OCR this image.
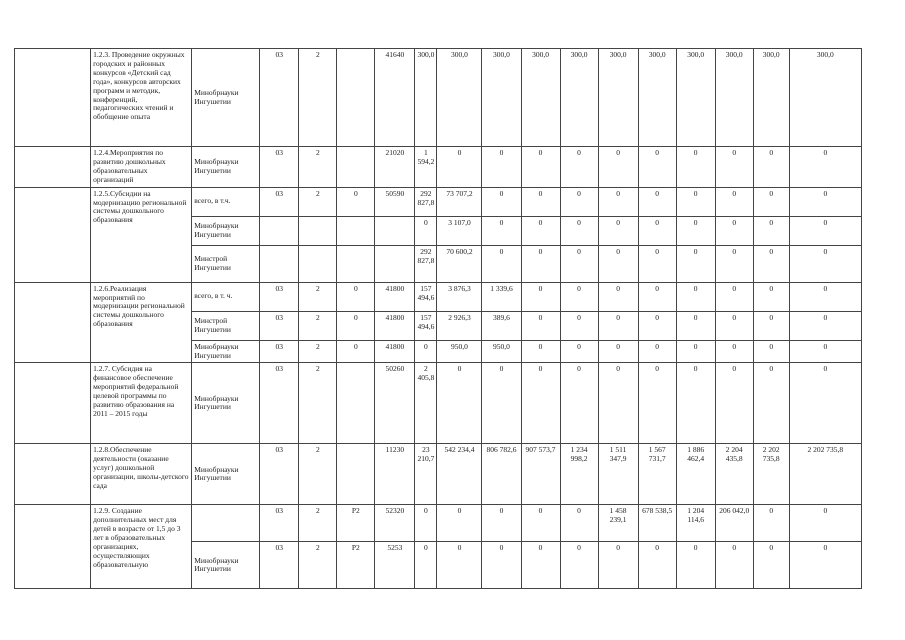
	1.2.3. Проведение окружных городских и районных конкурсов «Детский сад года», конкурсов авторских программ и методик, конференций, педагогических чтений и обобщение опыта	Минобрнауки Ингушетии	03	2		41640	300,0	300,0	300,0	300,0	300,0	300,0	300,0	300,0	300,0	300,0	300,0	
	1.2.4.Мероприятия по развитию дошкольных образовательных организаций	Минобрнауки Ингушетии	03	2		21020	1 594,2	0	0	0	0	0	0	0	0	0	0	
	1.2.5.Субсидии на модернизацию региональной системы дошкольного образования	всего, в т.ч.	03	2	0	50590	292 827,8	73 707,2	0	0	0	0	0	0	0	0	0	
		Минобрнауки Ингушетии					0	3 107,0	0	0	0	0	0	0	0	0	0	
		Минстрой Ингушетии					292 827,8	70 600,2	0	0	0	0	0	0	0	0	0	
	1.2.6.Реализация мероприятий по модернизации региональной системы дошкольного образования	всего, в т. ч.	03	2	0	41800	157 494,6	3 876,3	1 339,6	0	0	0	0	0	0	0	0	
		Минстрой Ингушетии	03	2	0	41800	157 494,6	2 926,3	389,6	0	0	0	0	0	0	0	0	
		Минобрнауки Ингушетии	03	2	0	41800	0	950,0	950,0	0	0	0	0	0	0	0	0	
	1.2.7. Субсидия на финансовое обеспечение мероприятий федеральной целевой программы по развитию образования на 2011 – 2015 годы	Минобрнауки Ингушетии	03	2		50260	2 405,8	0	0	0	0	0	0	0	0	0	0	
	1.2.8.Обеспечение деятельности (оказание услуг) дошкольной организации, школы-детского сада	Минобрнауки Ингушетии	03	2		11230	23 210,7	542 234,4	806 782,6	907 573,7	1 234 998,2	1 511 347,9	1 567 731,7	1 886 462,4	2 204 435,8	2 202 735,8	2 202 735,8	
	1.2.9. Создание дополнительных мест для детей в возрасте от 1,5 до 3 лет в образовательных организациях, осуществляющих образовательную		03	2	P2	52320	0	0	0	0	0	1 458 239,1	678 538,5	1 204 114,6	206 042,0	0	0	
		Минобрнауки Ингушетии	03	2	P2	5253	0	0	0	0	0	0	0	0	0	0	0	
